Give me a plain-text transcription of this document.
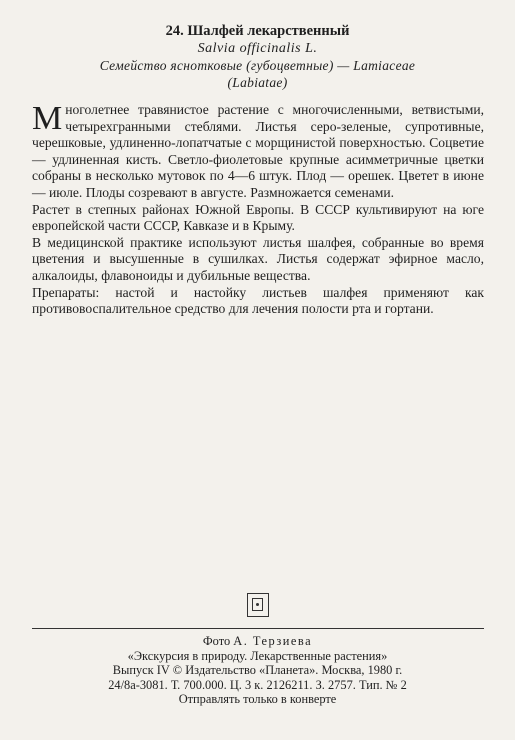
24. Шалфей лекарственный
Salvia officinalis L.
Семейство яснотковые (губоцветные) — Lamiaceae
(Labiatae)

Многолетнее травянистое растение с многочисленными, ветвистыми, четырехгранными стеблями. Листья серо-зеленые, супротивные, черешковые, удлиненно-лопатчатые с морщинистой поверхностью. Соцветие — удлиненная кисть. Светло-фиолетовые крупные асимметричные цветки собраны в несколько мутовок по 4—6 штук. Плод — орешек. Цветет в июне — июле. Плоды созревают в августе. Размножается семенами.

Растет в степных районах Южной Европы. В СССР культивируют на юге европейской части СССР, Кавказе и в Крыму.

В медицинской практике используют листья шалфея, собранные во время цветения и высушенные в сушилках. Листья содержат эфирное масло, алкалоиды, флавоноиды и дубильные вещества.

Препараты: настой и настойку листьев шалфея применяют как противовоспалительное средство для лечения полости рта и гортани.

Фото А. Терзиева
«Экскурсия в природу. Лекарственные растения»
Выпуск IV © Издательство «Планета». Москва, 1980 г.
24/8а-3081. Т. 700.000. Ц. 3 к. 2126211. З. 2757. Тип. № 2
Отправлять только в конверте
